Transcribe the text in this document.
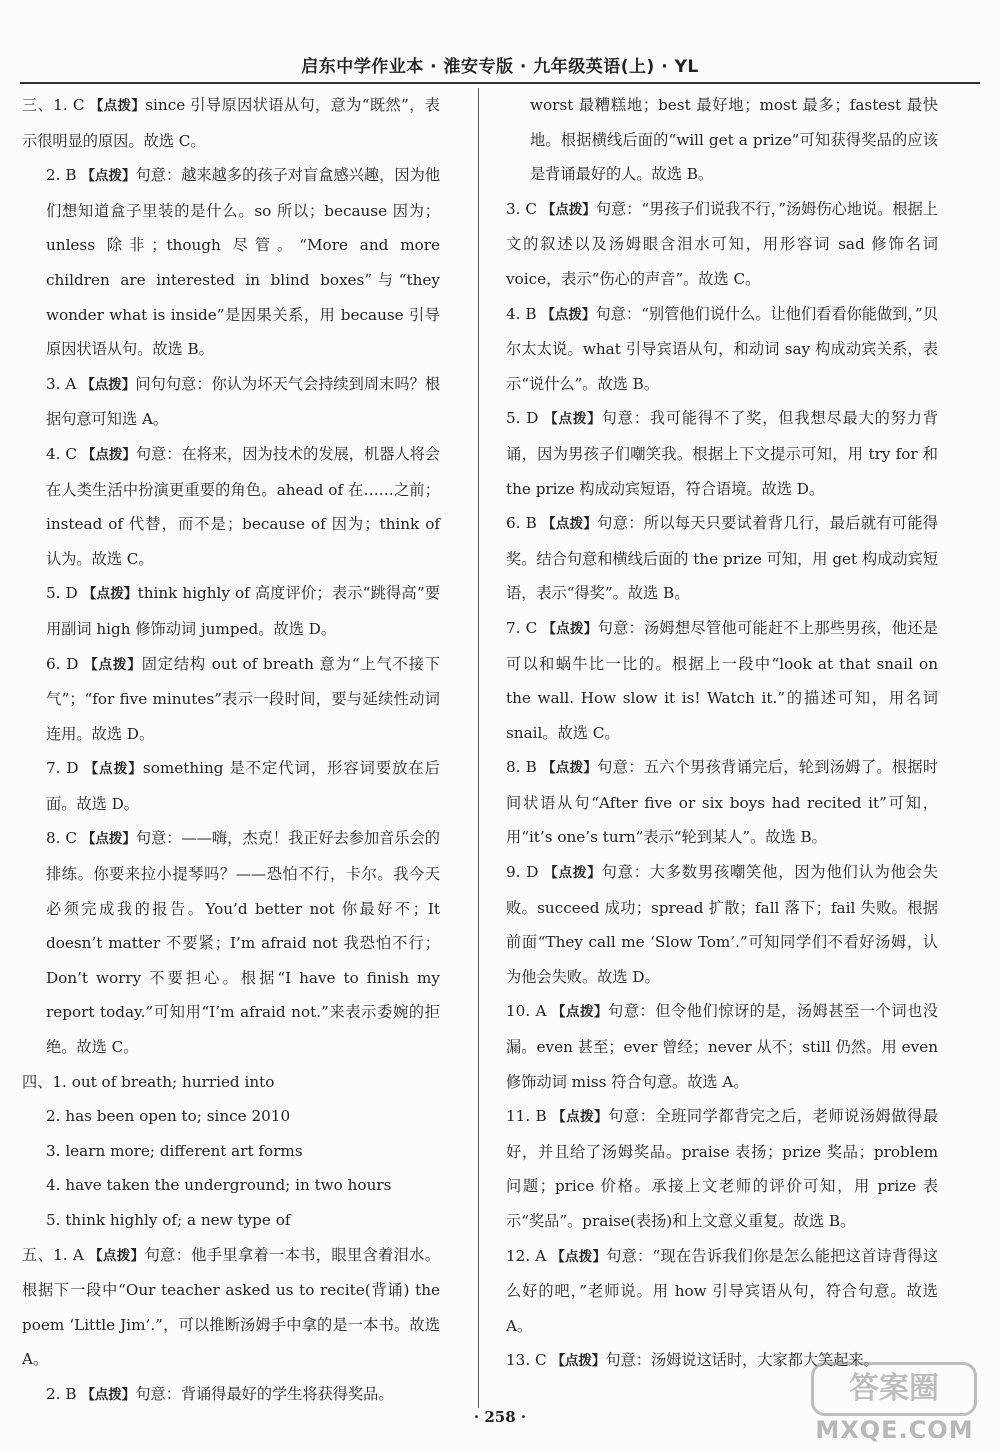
启东中学作业本 · 淮安专版 · 九年级英语(上) · YL

三、1. C 【点拨】since 引导原因状语从句，意为“既然”，表示很明显的原因。故选 C。

2. B 【点拨】句意：越来越多的孩子对盲盒感兴趣，因为他们想知道盒子里装的是什么。so 所以；because 因为；unless 除非；though 尽管。“More and more children are interested in blind boxes”与“they wonder what is inside”是因果关系，用 because 引导原因状语从句。故选 B。

3. A 【点拨】问句句意：你认为坏天气会持续到周末吗？根据句意可知选 A。

4. C 【点拨】句意：在将来，因为技术的发展，机器人将会在人类生活中扮演更重要的角色。ahead of 在……之前；instead of 代替，而不是；because of 因为；think of 认为。故选 C。

5. D 【点拨】think highly of 高度评价；表示“跳得高”要用副词 high 修饰动词 jumped。故选 D。

6. D 【点拨】固定结构 out of breath 意为“上气不接下气”；“for five minutes”表示一段时间，要与延续性动词连用。故选 D。

7. D 【点拨】something 是不定代词，形容词要放在后面。故选 D。

8. C 【点拨】句意：——嗨，杰克！我正好去参加音乐会的排练。你要来拉小提琴吗？——恐怕不行，卡尔。我今天必须完成我的报告。You’d better not 你最好不；It doesn’t matter 不要紧；I’m afraid not 我恐怕不行；Don’t worry 不要担心。根据“I have to finish my report today.”可知用“I’m afraid not.”来表示委婉的拒绝。故选 C。

四、1. out of breath; hurried into

2. has been open to; since 2010

3. learn more; different art forms

4. have taken the underground; in two hours

5. think highly of; a new type of

五、1. A 【点拨】句意：他手里拿着一本书，眼里含着泪水。根据下一段中“Our teacher asked us to recite(背诵) the poem ‘Little Jim’.”，可以推断汤姆手中拿的是一本书。故选 A。

2. B 【点拨】句意：背诵得最好的学生将获得奖品。

worst 最糟糕地；best 最好地；most 最多；fastest 最快地。根据横线后面的“will get a prize”可知获得奖品的应该是背诵最好的人。故选 B。

3. C 【点拨】句意：“男孩子们说我不行，”汤姆伤心地说。根据上文的叙述以及汤姆眼含泪水可知，用形容词 sad 修饰名词 voice，表示“伤心的声音”。故选 C。

4. B 【点拨】句意：“别管他们说什么。让他们看看你能做到，”贝尔太太说。what 引导宾语从句，和动词 say 构成动宾关系，表示“说什么”。故选 B。

5. D 【点拨】句意：我可能得不了奖，但我想尽最大的努力背诵，因为男孩子们嘲笑我。根据上下文提示可知，用 try for 和 the prize 构成动宾短语，符合语境。故选 D。

6. B 【点拨】句意：所以每天只要试着背几行，最后就有可能得奖。结合句意和横线后面的 the prize 可知，用 get 构成动宾短语，表示“得奖”。故选 B。

7. C 【点拨】句意：汤姆想尽管他可能赶不上那些男孩，他还是可以和蜗牛比一比的。根据上一段中“look at that snail on the wall. How slow it is! Watch it.”的描述可知，用名词 snail。故选 C。

8. B 【点拨】句意：五六个男孩背诵完后，轮到汤姆了。根据时间状语从句“After five or six boys had recited it”可知，用“it’s one’s turn”表示“轮到某人”。故选 B。

9. D 【点拨】句意：大多数男孩嘲笑他，因为他们认为他会失败。succeed 成功；spread 扩散；fall 落下；fail 失败。根据前面“They call me ‘Slow Tom’.”可知同学们不看好汤姆，认为他会失败。故选 D。

10. A 【点拨】句意：但令他们惊讶的是，汤姆甚至一个词也没漏。even 甚至；ever 曾经；never 从不；still 仍然。用 even 修饰动词 miss 符合句意。故选 A。

11. B 【点拨】句意：全班同学都背完之后，老师说汤姆做得最好，并且给了汤姆奖品。praise 表扬；prize 奖品；problem 问题；price 价格。承接上文老师的评价可知，用 prize 表示“奖品”。praise(表扬)和上文意义重复。故选 B。

12. A 【点拨】句意：“现在告诉我们你是怎么能把这首诗背得这么好的吧，”老师说。用 how 引导宾语从句，符合句意。故选 A。

13. C 【点拨】句意：汤姆说这话时，大家都大笑起来。

· 258 ·
答案圈
MXQE.COM
